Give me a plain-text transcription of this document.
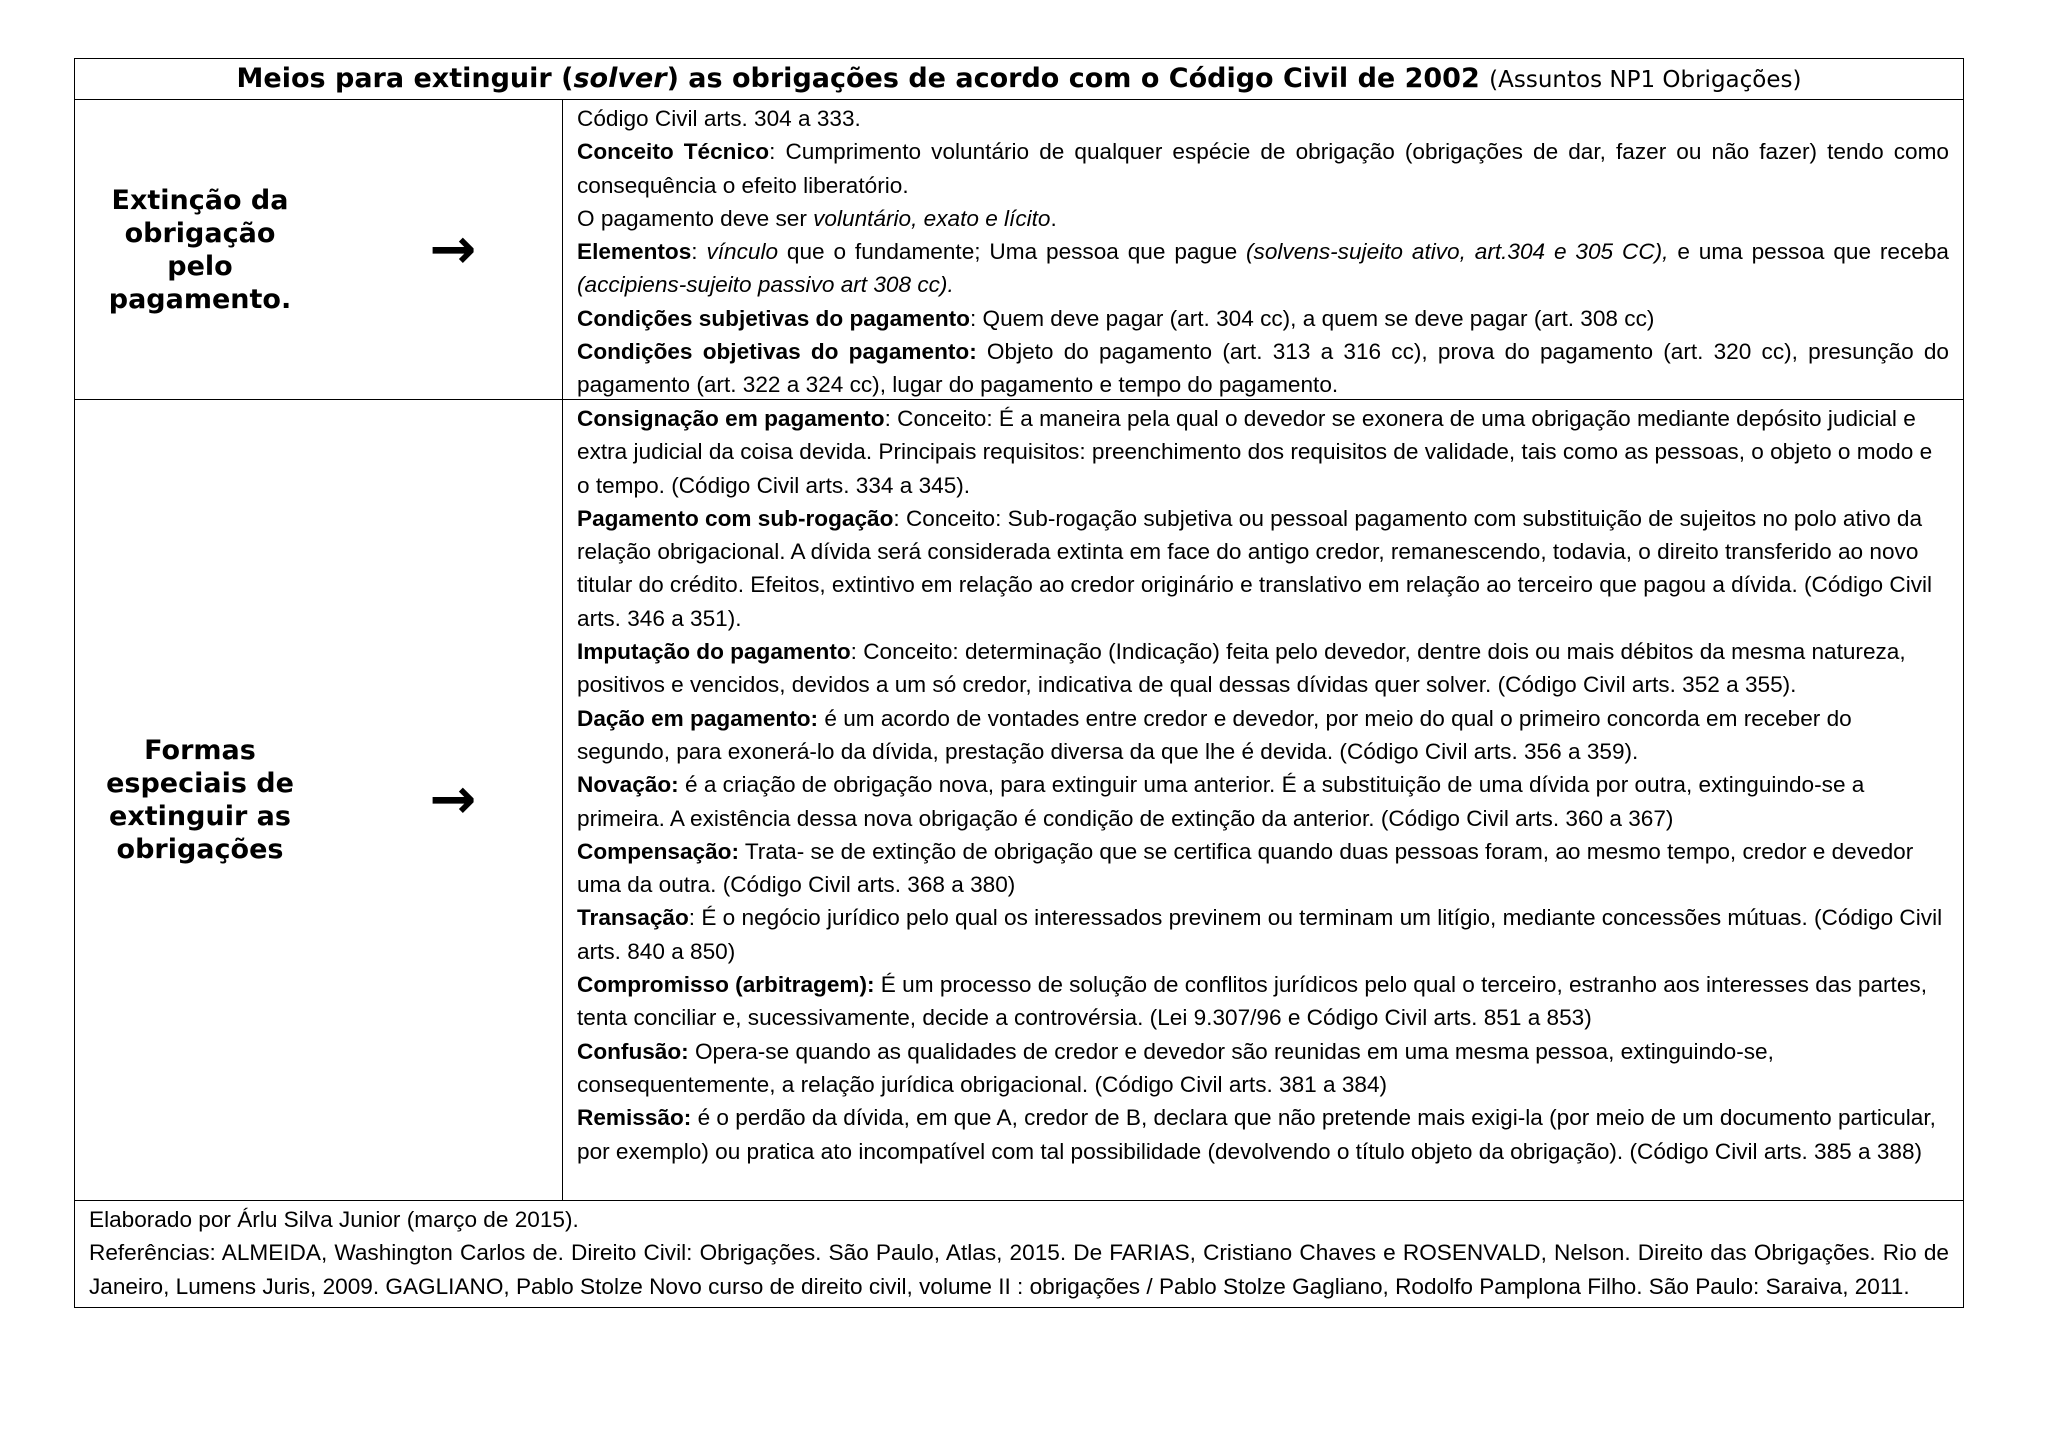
Meios para extinguir (solver) as obrigações de acordo com o Código Civil de 2002 (Assuntos NP1 Obrigações)
Extinção da
obrigação
pelo
pagamento.
→

Código Civil arts. 304 a 333.

Conceito Técnico: Cumprimento voluntário de qualquer espécie de obrigação (obrigações de dar, fazer ou não fazer) tendo como consequência o efeito liberatório.

O pagamento deve ser voluntário, exato e lícito.

Elementos: vínculo que o fundamente; Uma pessoa que pague (solvens-sujeito ativo, art.304 e 305 CC), e uma pessoa que receba (accipiens-sujeito passivo art 308 cc).

Condições subjetivas do pagamento: Quem deve pagar (art. 304 cc), a quem se deve pagar (art. 308 cc)

Condições objetivas do pagamento: Objeto do pagamento (art. 313 a 316 cc), prova do pagamento (art. 320 cc), presunção do pagamento (art. 322 a 324 cc), lugar do pagamento e tempo do pagamento.

Formas
especiais de
extinguir as
obrigações
→

Consignação em pagamento: Conceito: É a maneira pela qual o devedor se exonera de uma obrigação mediante depósito judicial e extra judicial da coisa devida. Principais requisitos: preenchimento dos requisitos de validade, tais como as pessoas, o objeto o modo e o tempo. (Código Civil arts. 334 a 345).

Pagamento com sub-rogação: Conceito: Sub-rogação subjetiva ou pessoal pagamento com substituição de sujeitos no polo ativo da relação obrigacional. A dívida será considerada extinta em face do antigo credor, remanescendo, todavia, o direito transferido ao novo titular do crédito. Efeitos, extintivo em relação ao credor originário e translativo em relação ao terceiro que pagou a dívida. (Código Civil arts. 346 a 351).

Imputação do pagamento: Conceito: determinação (Indicação) feita pelo devedor, dentre dois ou mais débitos da mesma natureza, positivos e vencidos, devidos a um só credor, indicativa de qual dessas dívidas quer solver. (Código Civil arts. 352 a 355).

Dação em pagamento: é um acordo de vontades entre credor e devedor, por meio do qual o primeiro concorda em receber do segundo, para exonerá-lo da dívida, prestação diversa da que lhe é devida. (Código Civil arts. 356 a 359).

Novação: é a criação de obrigação nova, para extinguir uma anterior. É a substituição de uma dívida por outra, extinguindo-se a primeira. A existência dessa nova obrigação é condição de extinção da anterior. (Código Civil arts. 360 a 367)

Compensação: Trata- se de extinção de obrigação que se certifica quando duas pessoas foram, ao mesmo tempo, credor e devedor uma da outra. (Código Civil arts. 368 a 380)

Transação: É o negócio jurídico pelo qual os interessados previnem ou terminam um litígio, mediante concessões mútuas. (Código Civil arts. 840 a 850)

Compromisso (arbitragem): É um processo de solução de conflitos jurídicos pelo qual o terceiro, estranho aos interesses das partes, tenta conciliar e, sucessivamente, decide a controvérsia. (Lei 9.307/96 e Código Civil arts. 851 a 853)

Confusão: Opera-se quando as qualidades de credor e devedor são reunidas em uma mesma pessoa, extinguindo-se, consequentemente, a relação jurídica obrigacional. (Código Civil arts. 381 a 384)

Remissão: é o perdão da dívida, em que A, credor de B, declara que não pretende mais exigi-la (por meio de um documento particular, por exemplo) ou pratica ato incompatível com tal possibilidade (devolvendo o título objeto da obrigação). (Código Civil arts. 385 a 388)

Elaborado por Árlu Silva Junior (março de 2015).

Referências: ALMEIDA, Washington Carlos de. Direito Civil: Obrigações. São Paulo, Atlas, 2015. De FARIAS, Cristiano Chaves e ROSENVALD, Nelson. Direito das Obrigações. Rio de Janeiro, Lumens Juris, 2009. GAGLIANO, Pablo Stolze Novo curso de direito civil, volume II : obrigações / Pablo Stolze Gagliano, Rodolfo Pamplona Filho. São Paulo: Saraiva, 2011.
